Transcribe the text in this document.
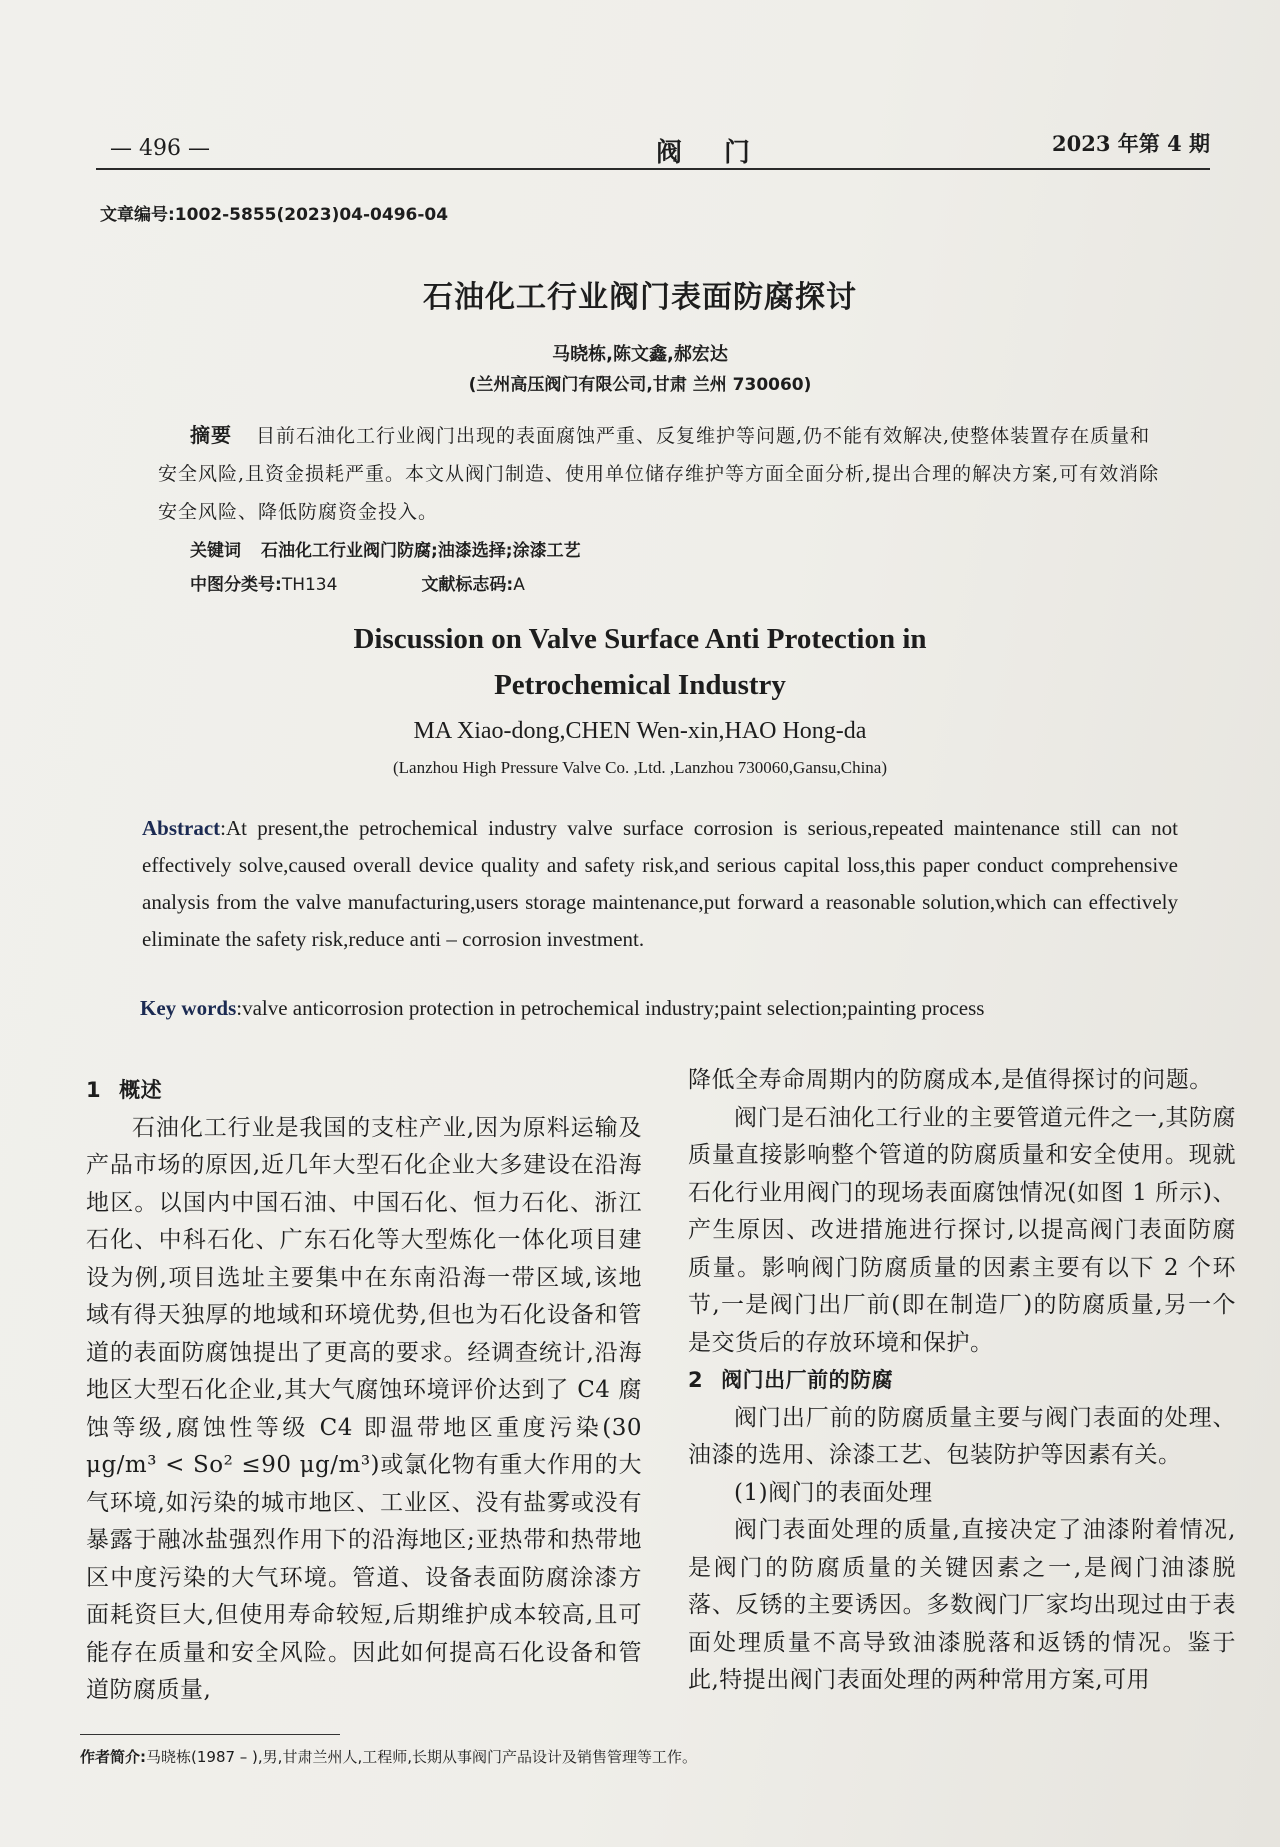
— 496 —	阀门	2023 年第 4 期
文章编号:1002-5855(2023)04-0496-04
石油化工行业阀门表面防腐探讨
马晓栋,陈文鑫,郝宏达
(兰州高压阀门有限公司,甘肃 兰州 730060)
摘要 目前石油化工行业阀门出现的表面腐蚀严重、反复维护等问题,仍不能有效解决,使整体装置存在质量和安全风险,且资金损耗严重。本文从阀门制造、使用单位储存维护等方面全面分析,提出合理的解决方案,可有效消除安全风险、降低防腐资金投入。
关键词 石油化工行业阀门防腐;油漆选择;涂漆工艺
中图分类号:TH134	文献标志码:A
Discussion on Valve Surface Anti Protection in
Petrochemical Industry
MA Xiao-dong,CHEN Wen-xin,HAO Hong-da
(Lanzhou High Pressure Valve Co. ,Ltd. ,Lanzhou 730060,Gansu,China)
Abstract:At present,the petrochemical industry valve surface corrosion is serious,repeated maintenance still can not effectively solve,caused overall device quality and safety risk,and serious capital loss,this paper conduct comprehensive analysis from the valve manufacturing,users storage maintenance,put forward a reasonable solution,which can effectively eliminate the safety risk,reduce anti – corrosion investment.
Key words:valve anticorrosion protection in petrochemical industry;paint selection;painting process
1 概述

石油化工行业是我国的支柱产业,因为原料运输及产品市场的原因,近几年大型石化企业大多建设在沿海地区。以国内中国石油、中国石化、恒力石化、浙江石化、中科石化、广东石化等大型炼化一体化项目建设为例,项目选址主要集中在东南沿海一带区域,该地域有得天独厚的地域和环境优势,但也为石化设备和管道的表面防腐蚀提出了更高的要求。经调查统计,沿海地区大型石化企业,其大气腐蚀环境评价达到了 C4 腐蚀等级,腐蚀性等级 C4 即温带地区重度污染(30 μg/m³ < So² ≤90 μg/m³)或氯化物有重大作用的大气环境,如污染的城市地区、工业区、没有盐雾或没有暴露于融冰盐强烈作用下的沿海地区;亚热带和热带地区中度污染的大气环境。管道、设备表面防腐涂漆方面耗资巨大,但使用寿命较短,后期维护成本较高,且可能存在质量和安全风险。因此如何提高石化设备和管道防腐质量,

降低全寿命周期内的防腐成本,是值得探讨的问题。

阀门是石油化工行业的主要管道元件之一,其防腐质量直接影响整个管道的防腐质量和安全使用。现就石化行业用阀门的现场表面腐蚀情况(如图 1 所示)、产生原因、改进措施进行探讨,以提高阀门表面防腐质量。影响阀门防腐质量的因素主要有以下 2 个环节,一是阀门出厂前(即在制造厂)的防腐质量,另一个是交货后的存放环境和保护。

2 阀门出厂前的防腐

阀门出厂前的防腐质量主要与阀门表面的处理、油漆的选用、涂漆工艺、包装防护等因素有关。

(1)阀门的表面处理

阀门表面处理的质量,直接决定了油漆附着情况,是阀门的防腐质量的关键因素之一,是阀门油漆脱落、反锈的主要诱因。多数阀门厂家均出现过由于表面处理质量不高导致油漆脱落和返锈的情况。鉴于此,特提出阀门表面处理的两种常用方案,可用

作者简介:马晓栋(1987 – ),男,甘肃兰州人,工程师,长期从事阀门产品设计及销售管理等工作。
